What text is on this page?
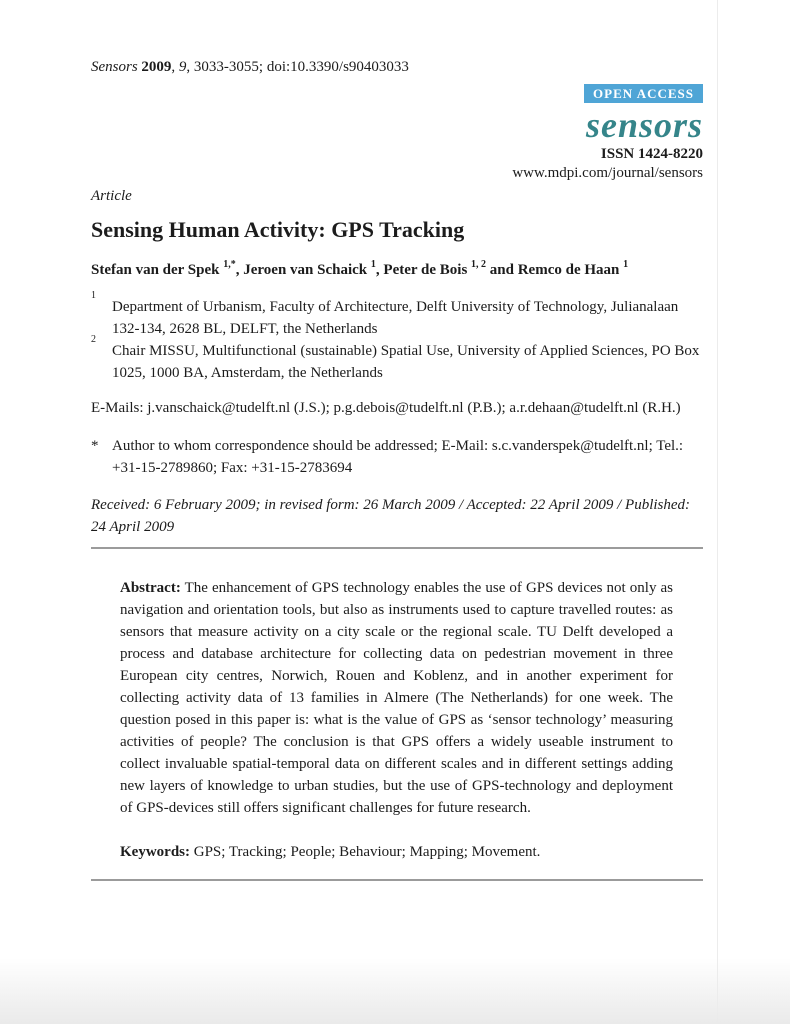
Sensors 2009, 9, 3033-3055; doi:10.3390/s90403033
OPEN ACCESS
sensors
ISSN 1424-8220
www.mdpi.com/journal/sensors
Article
Sensing Human Activity: GPS Tracking
Stefan van der Spek $^{1,*}$, Jeroen van Schaick $^1$, Peter de Bois $^{1, 2}$ and Remco de Haan $^1$
1
Department of Urbanism, Faculty of Architecture, Delft University of Technology, Julianalaan 132-134, 2628 BL, DELFT, the Netherlands
2
Chair MISSU, Multifunctional (sustainable) Spatial Use, University of Applied Sciences, PO Box 1025, 1000 BA, Amsterdam, the Netherlands
E-Mails: j.vanschaick@tudelft.nl (J.S.); p.g.debois@tudelft.nl (P.B.); a.r.dehaan@tudelft.nl (R.H.)
* Author to whom correspondence should be addressed; E-Mail: s.c.vanderspek@tudelft.nl; Tel.: +31-15-2789860; Fax: +31-15-2783694
Received: 6 February 2009; in revised form: 26 March 2009 / Accepted: 22 April 2009 / Published: 24 April 2009
Abstract: The enhancement of GPS technology enables the use of GPS devices not only as navigation and orientation tools, but also as instruments used to capture travelled routes: as sensors that measure activity on a city scale or the regional scale. TU Delft developed a process and database architecture for collecting data on pedestrian movement in three European city centres, Norwich, Rouen and Koblenz, and in another experiment for collecting activity data of 13 families in Almere (The Netherlands) for one week. The question posed in this paper is: what is the value of GPS as ‘sensor technology’ measuring activities of people? The conclusion is that GPS offers a widely useable instrument to collect invaluable spatial-temporal data on different scales and in different settings adding new layers of knowledge to urban studies, but the use of GPS-technology and deployment of GPS-devices still offers significant challenges for future research.
Keywords: GPS; Tracking; People; Behaviour; Mapping; Movement.
